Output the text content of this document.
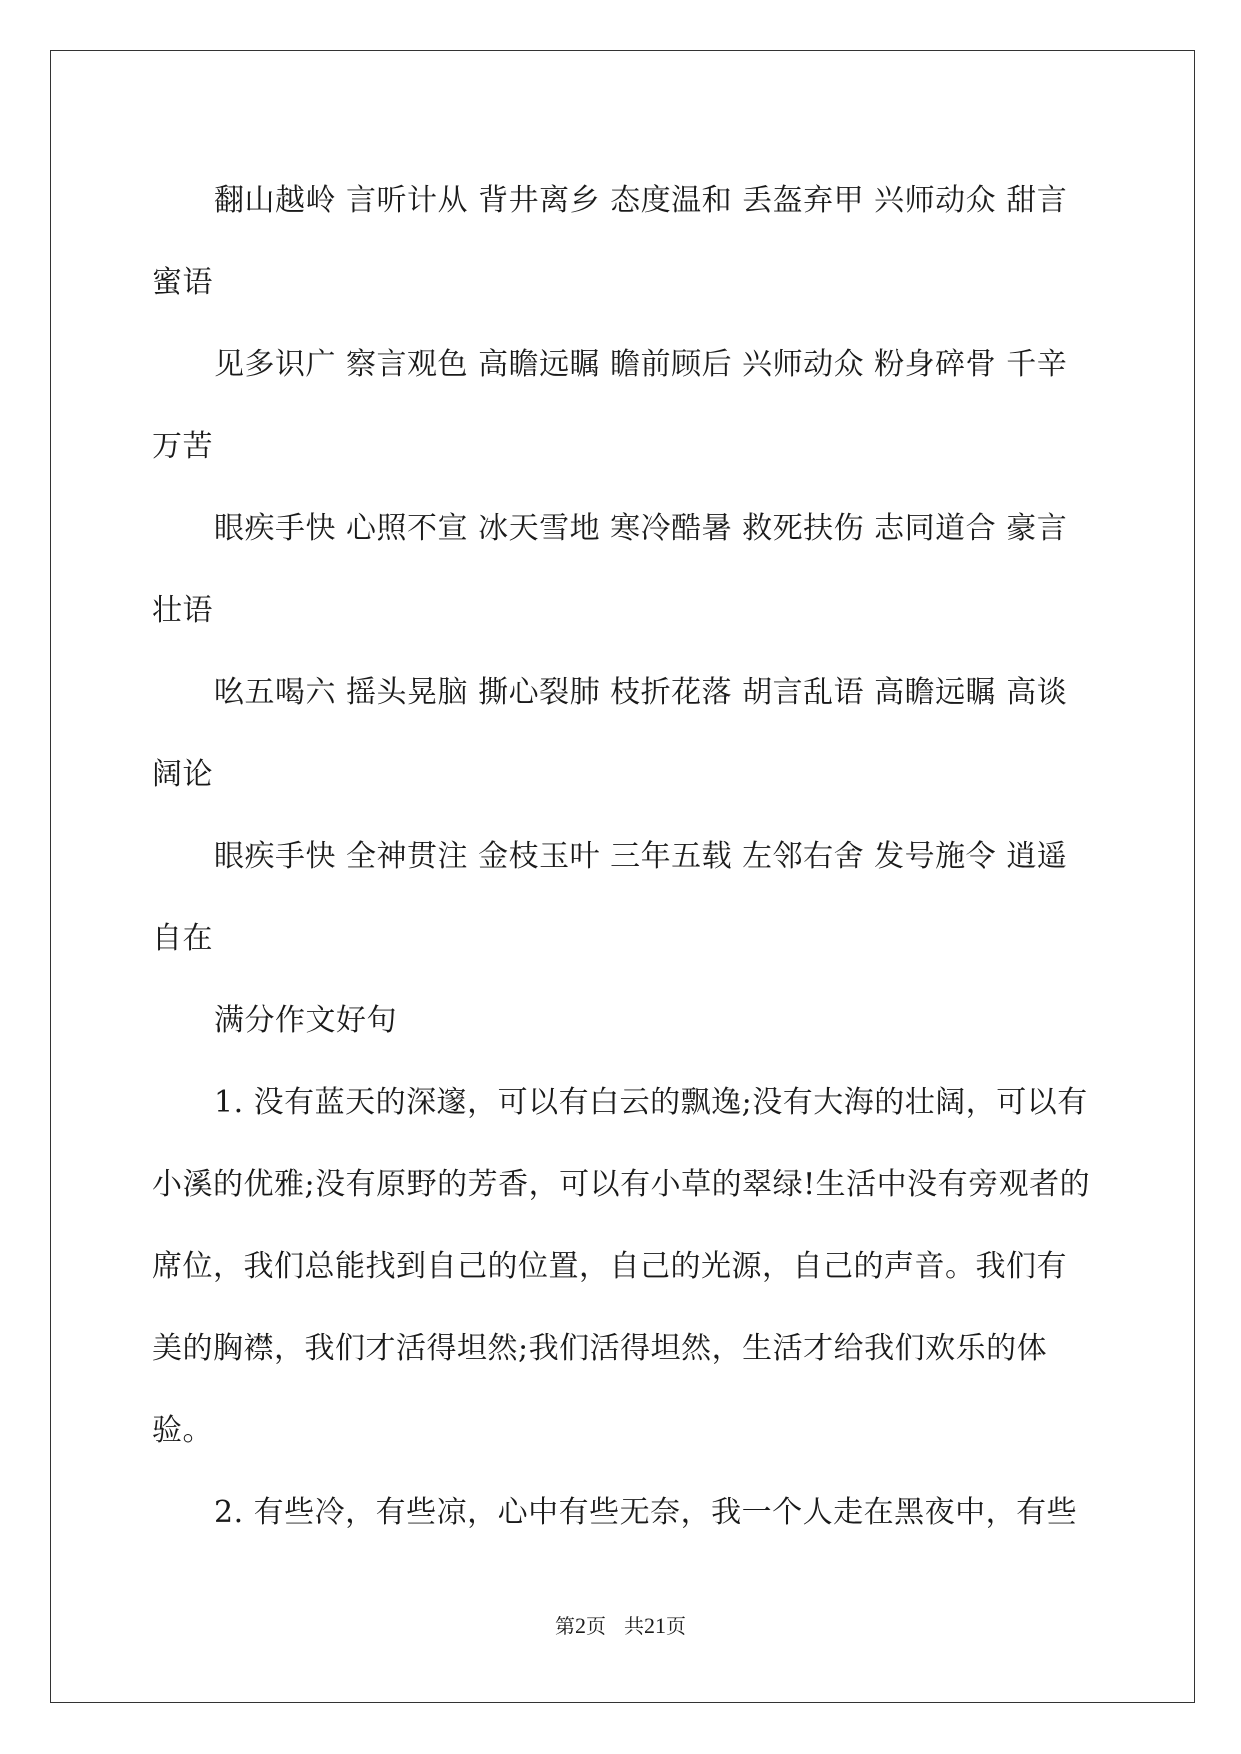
翻山越岭 言听计从 背井离乡 态度温和 丢盔弃甲 兴师动众 甜言蜜语

见多识广 察言观色 高瞻远瞩 瞻前顾后 兴师动众 粉身碎骨 千辛万苦

眼疾手快 心照不宣 冰天雪地 寒冷酷暑 救死扶伤 志同道合 豪言壮语

吆五喝六 摇头晃脑 撕心裂肺 枝折花落 胡言乱语 高瞻远瞩 高谈阔论

眼疾手快 全神贯注 金枝玉叶 三年五载 左邻右舍 发号施令 逍遥自在

满分作文好句

1. 没有蓝天的深邃，可以有白云的飘逸;没有大海的壮阔，可以有小溪的优雅;没有原野的芳香，可以有小草的翠绿!生活中没有旁观者的席位，我们总能找到自己的位置，自己的光源，自己的声音。我们有美的胸襟，我们才活得坦然;我们活得坦然，生活才给我们欢乐的体验。

2. 有些冷，有些凉，心中有些无奈，我一个人走在黑夜中，有些

第2页 共21页
